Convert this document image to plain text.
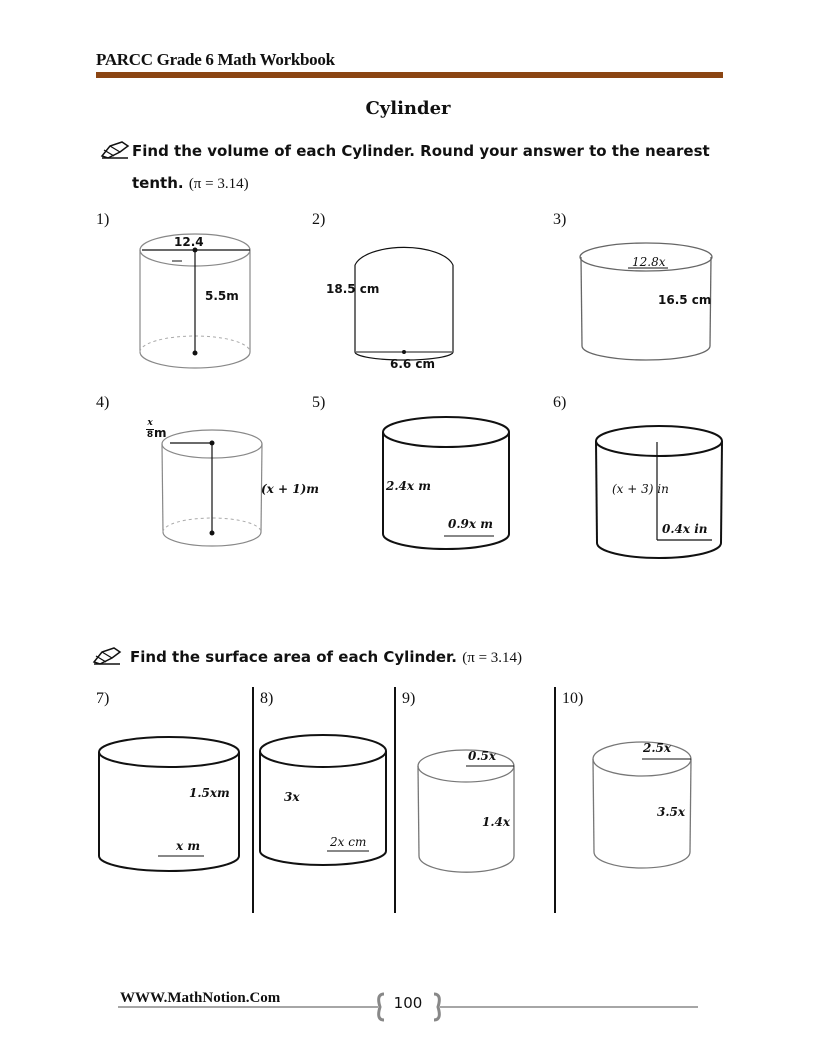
PARCC Grade 6 Math Workbook
Cylinder
Find the volume of each Cylinder. Round your answer to the nearest
tenth. (π = 3.14)
1)
12.4
5.5m
2)
18.5 cm
6.6 cm
3)
12.8x
16.5 cm
4)
x
8 m
(x + 1)m
5)
2.4x m
0.9x m
6)
(x + 3) in
0.4x in
Find the surface area of each Cylinder. (π = 3.14)
7)
1.5xm
x m
8)
3x
2x cm
9)
0.5x
1.4x
10)
2.5x
3.5x
WWW.MathNotion.Com	100
